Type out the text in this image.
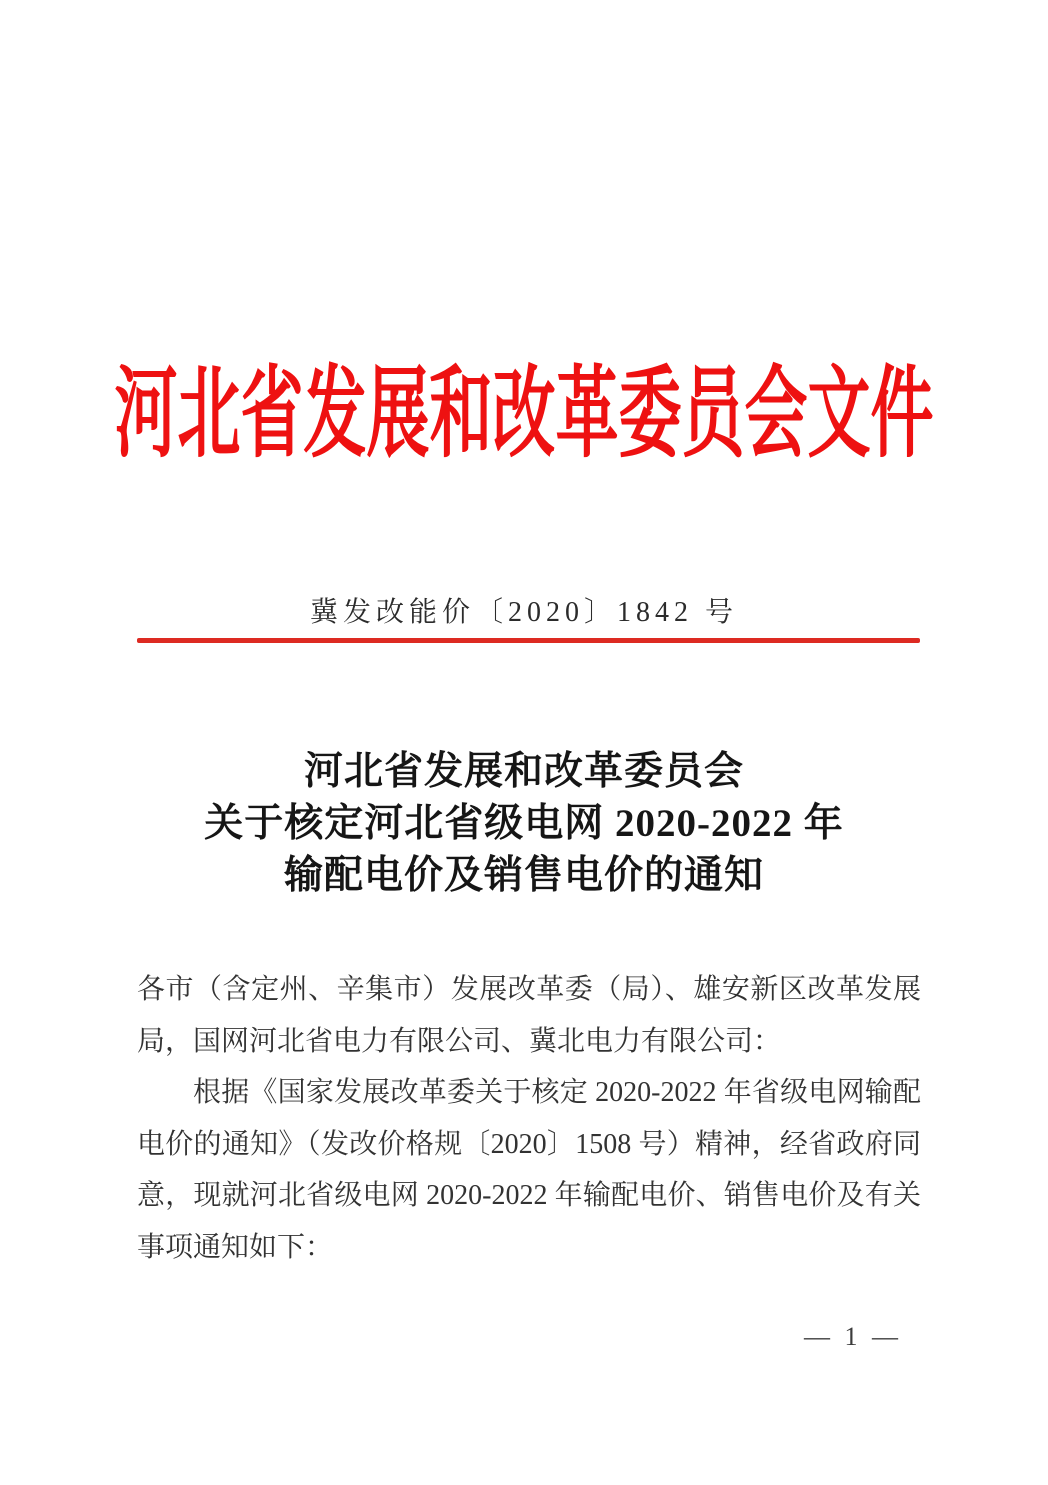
河北省发展和改革委员会文件
冀发改能价〔2020〕1842 号
河北省发展和改革委员会
关于核定河北省级电网 2020-2022 年
输配电价及销售电价的通知

各市（含定州、辛集市）发展改革委（局）、雄安新区改革发展局，国网河北省电力有限公司、冀北电力有限公司：

根据《国家发展改革委关于核定 2020-2022 年省级电网输配电价的通知》（发改价格规〔2020〕1508 号）精神，经省政府同意，现就河北省级电网 2020-2022 年输配电价、销售电价及有关事项通知如下：

— 1 —
